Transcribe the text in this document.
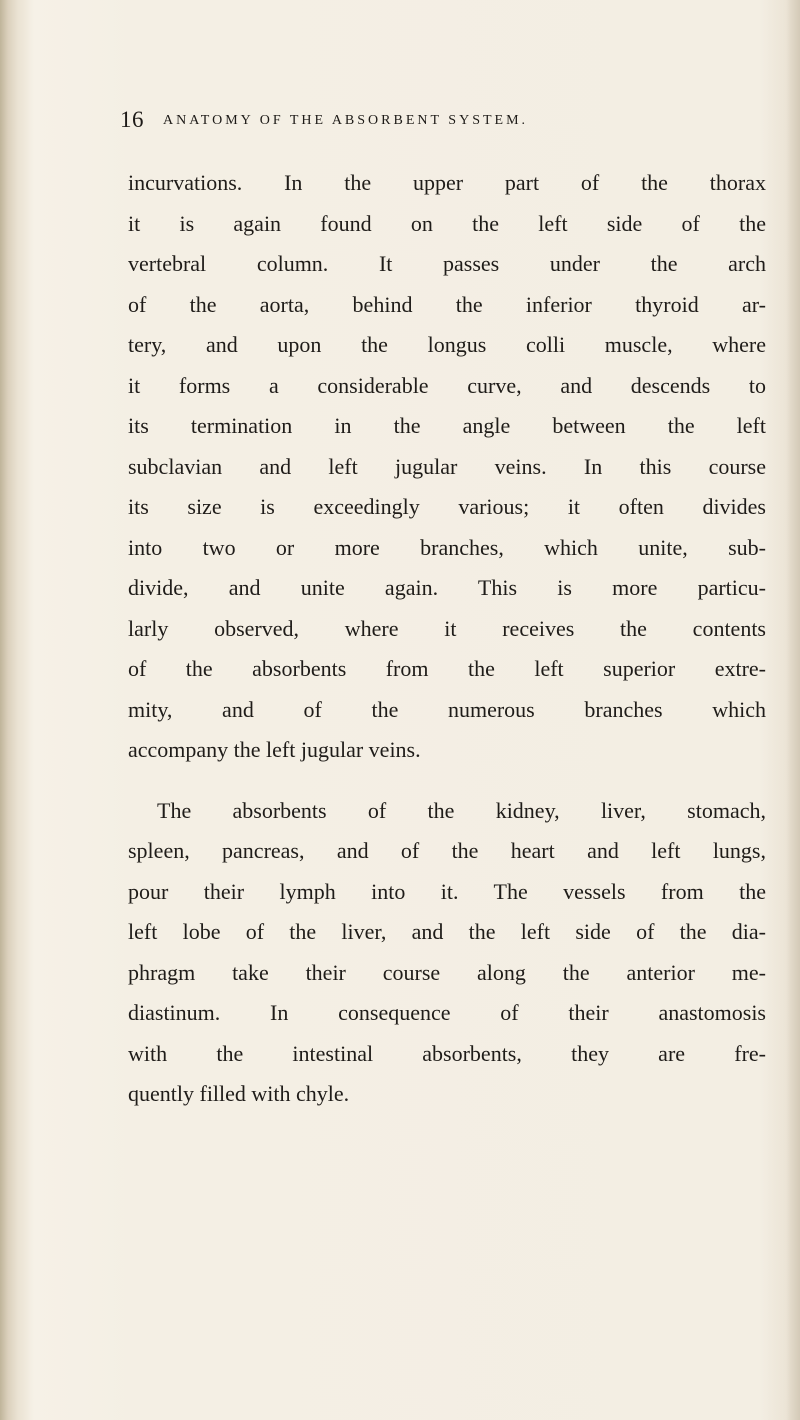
16 ANATOMY OF THE ABSORBENT SYSTEM.

incurvations. In the upper part of the thorax
it is again found on the left side of the
vertebral column. It passes under the arch
of the aorta, behind the inferior thyroid ar-
tery, and upon the longus colli muscle, where
it forms a considerable curve, and descends to
its termination in the angle between the left
subclavian and left jugular veins. In this course
its size is exceedingly various; it often divides
into two or more branches, which unite, sub-
divide, and unite again. This is more particu-
larly observed, where it receives the contents
of the absorbents from the left superior extre-
mity, and of the numerous branches which
accompany the left jugular veins.

The absorbents of the kidney, liver, stomach,
spleen, pancreas, and of the heart and left lungs,
pour their lymph into it. The vessels from the
left lobe of the liver, and the left side of the dia-
phragm take their course along the anterior me-
diastinum. In consequence of their anastomosis
with the intestinal absorbents, they are fre-
quently filled with chyle.
